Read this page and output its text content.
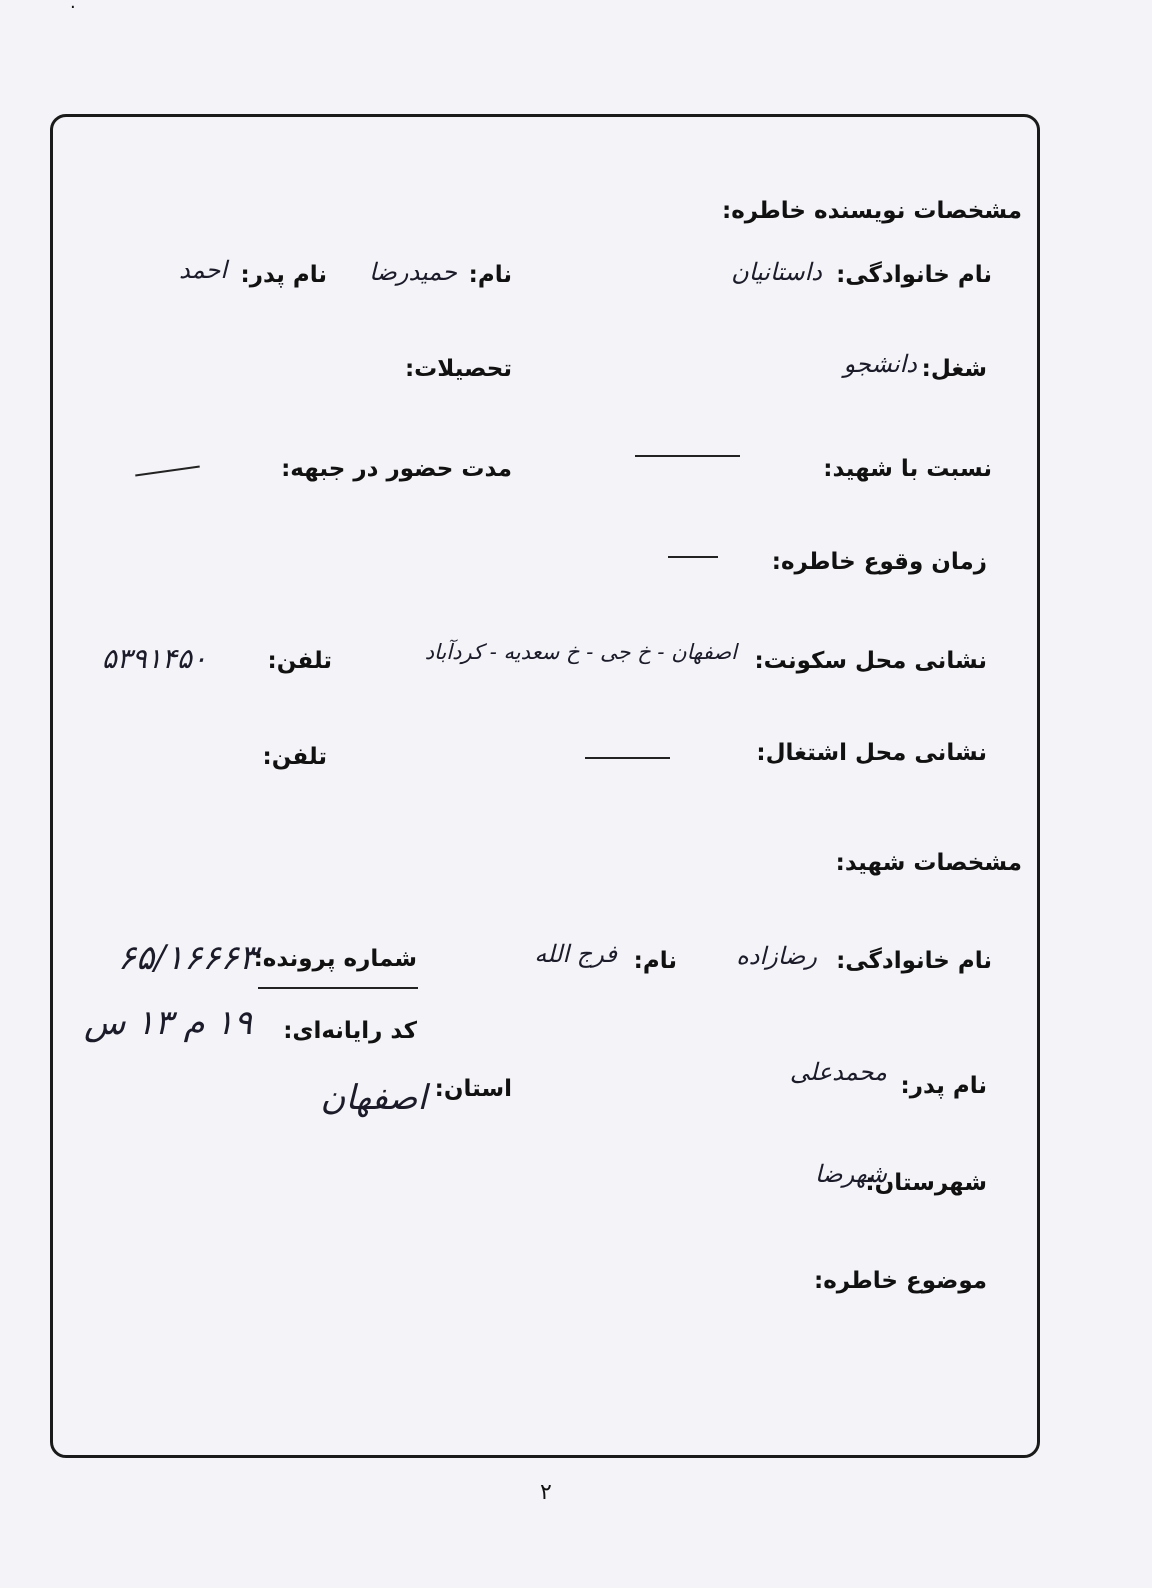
مشخصات نویسنده خاطره:
نام خانوادگی:
داستانیان
نام:
حمیدرضا
نام پدر:
احمد
شغل:
دانشجو
تحصیلات:
نسبت با شهید:
مدت حضور در جبهه:
زمان وقوع خاطره:
نشانی محل سکونت:
اصفهان - خ جی - خ سعدیه - کردآباد
تلفن:
۵۳۹۱۴۵۰
نشانی محل اشتغال:
تلفن:
مشخصات شهید:
نام خانوادگی:
رضازاده
نام:
فرج الله
شماره پرونده:
۶۵/۱۶۶۶۳
کد رایانه‌ای:
۱۹ م ۱۳ س
نام پدر:
محمدعلی
استان:
اصفهان
شهرستان:
شهرضا
موضوع خاطره:
۲
.
